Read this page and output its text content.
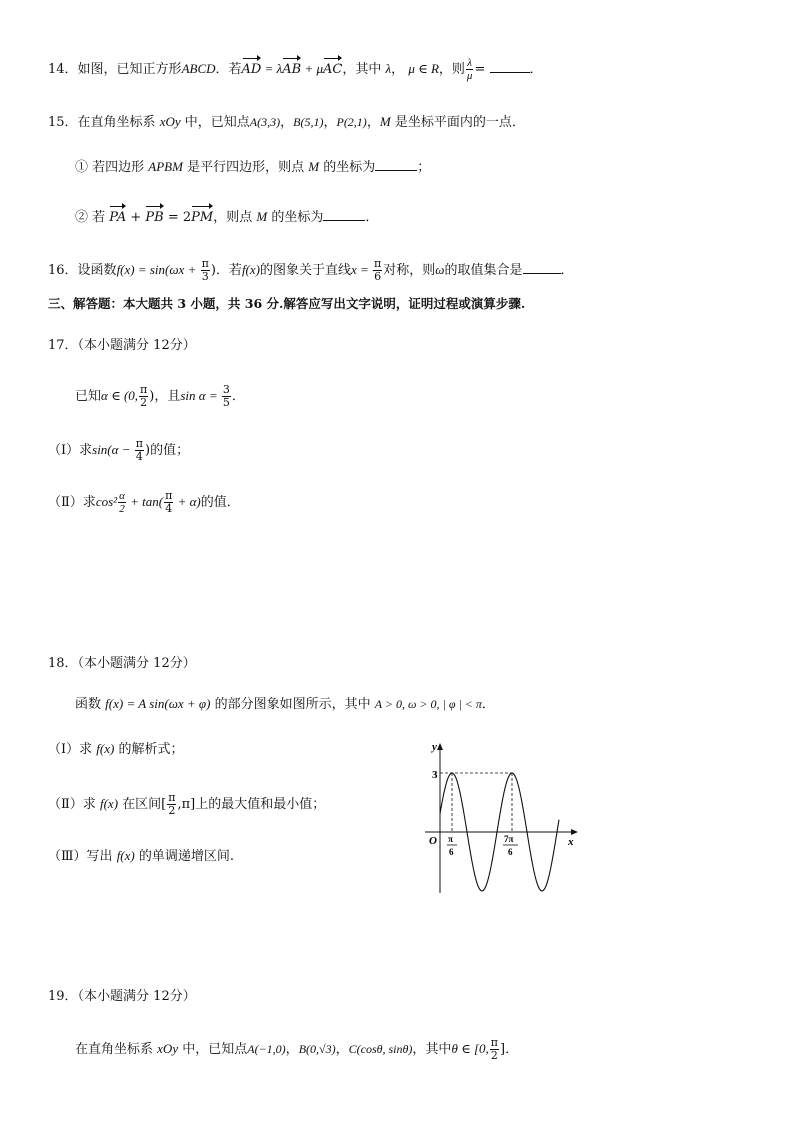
14．如图，已知正方形ABCD．若AD = λAB + μAC，其中 λ， μ ∈ R，则 $\frac{\lambda}{\mu}$ =	．
15．在直角坐标系 xOy 中，已知点A(3,3)，B(5,1)，P(2,1)，M 是坐标平面内的一点．
① 若四边形 APBM 是平行四边形，则点 M 的坐标为	；
② 若 PA + PB = 2PM，则点 M 的坐标为	．
16．设函数$f(x) = \sin(\omega x + \frac{\pi}{3}$ )．若f(x)的图象关于直线$x = \frac{\pi}{6}$ 对称，则ω的取值集合是	．
三、解答题：本大题共 3 小题，共 36 分.解答应写出文字说明，证明过程或演算步骤.
17．（本小题满分 12分）
已知α ∈ (0, $\frac{\pi}{2}$ )，且$\sin \alpha = \frac{3}{5}$ ．
（Ⅰ）求$\sin(\alpha - \frac{\pi}{4}$ )的值；
（Ⅱ）求$\cos^2 \frac{\alpha}{2} + \tan( \frac{\pi}{4} + \alpha)$的值．
18．（本小题满分 12分）
函数 f(x) = A sin(ωx + φ) 的部分图象如图所示，其中 A > 0, ω > 0, | φ | < π．
（Ⅰ）求 f(x) 的解析式；
（Ⅱ）求 f(x) 在区间[ $\frac{\pi}{2} ,\pi$]上的最大值和最小值；
（Ⅲ）写出 f(x) 的单调递增区间.
y
x
O
3
π
6
7π
6
19．（本小题满分 12分）
在直角坐标系 xOy 中，已知点A(−1,0)，B(0,√3)，C(cosθ, sinθ)，其中θ ∈ [0, $\frac{\pi}{2}$ ]．
